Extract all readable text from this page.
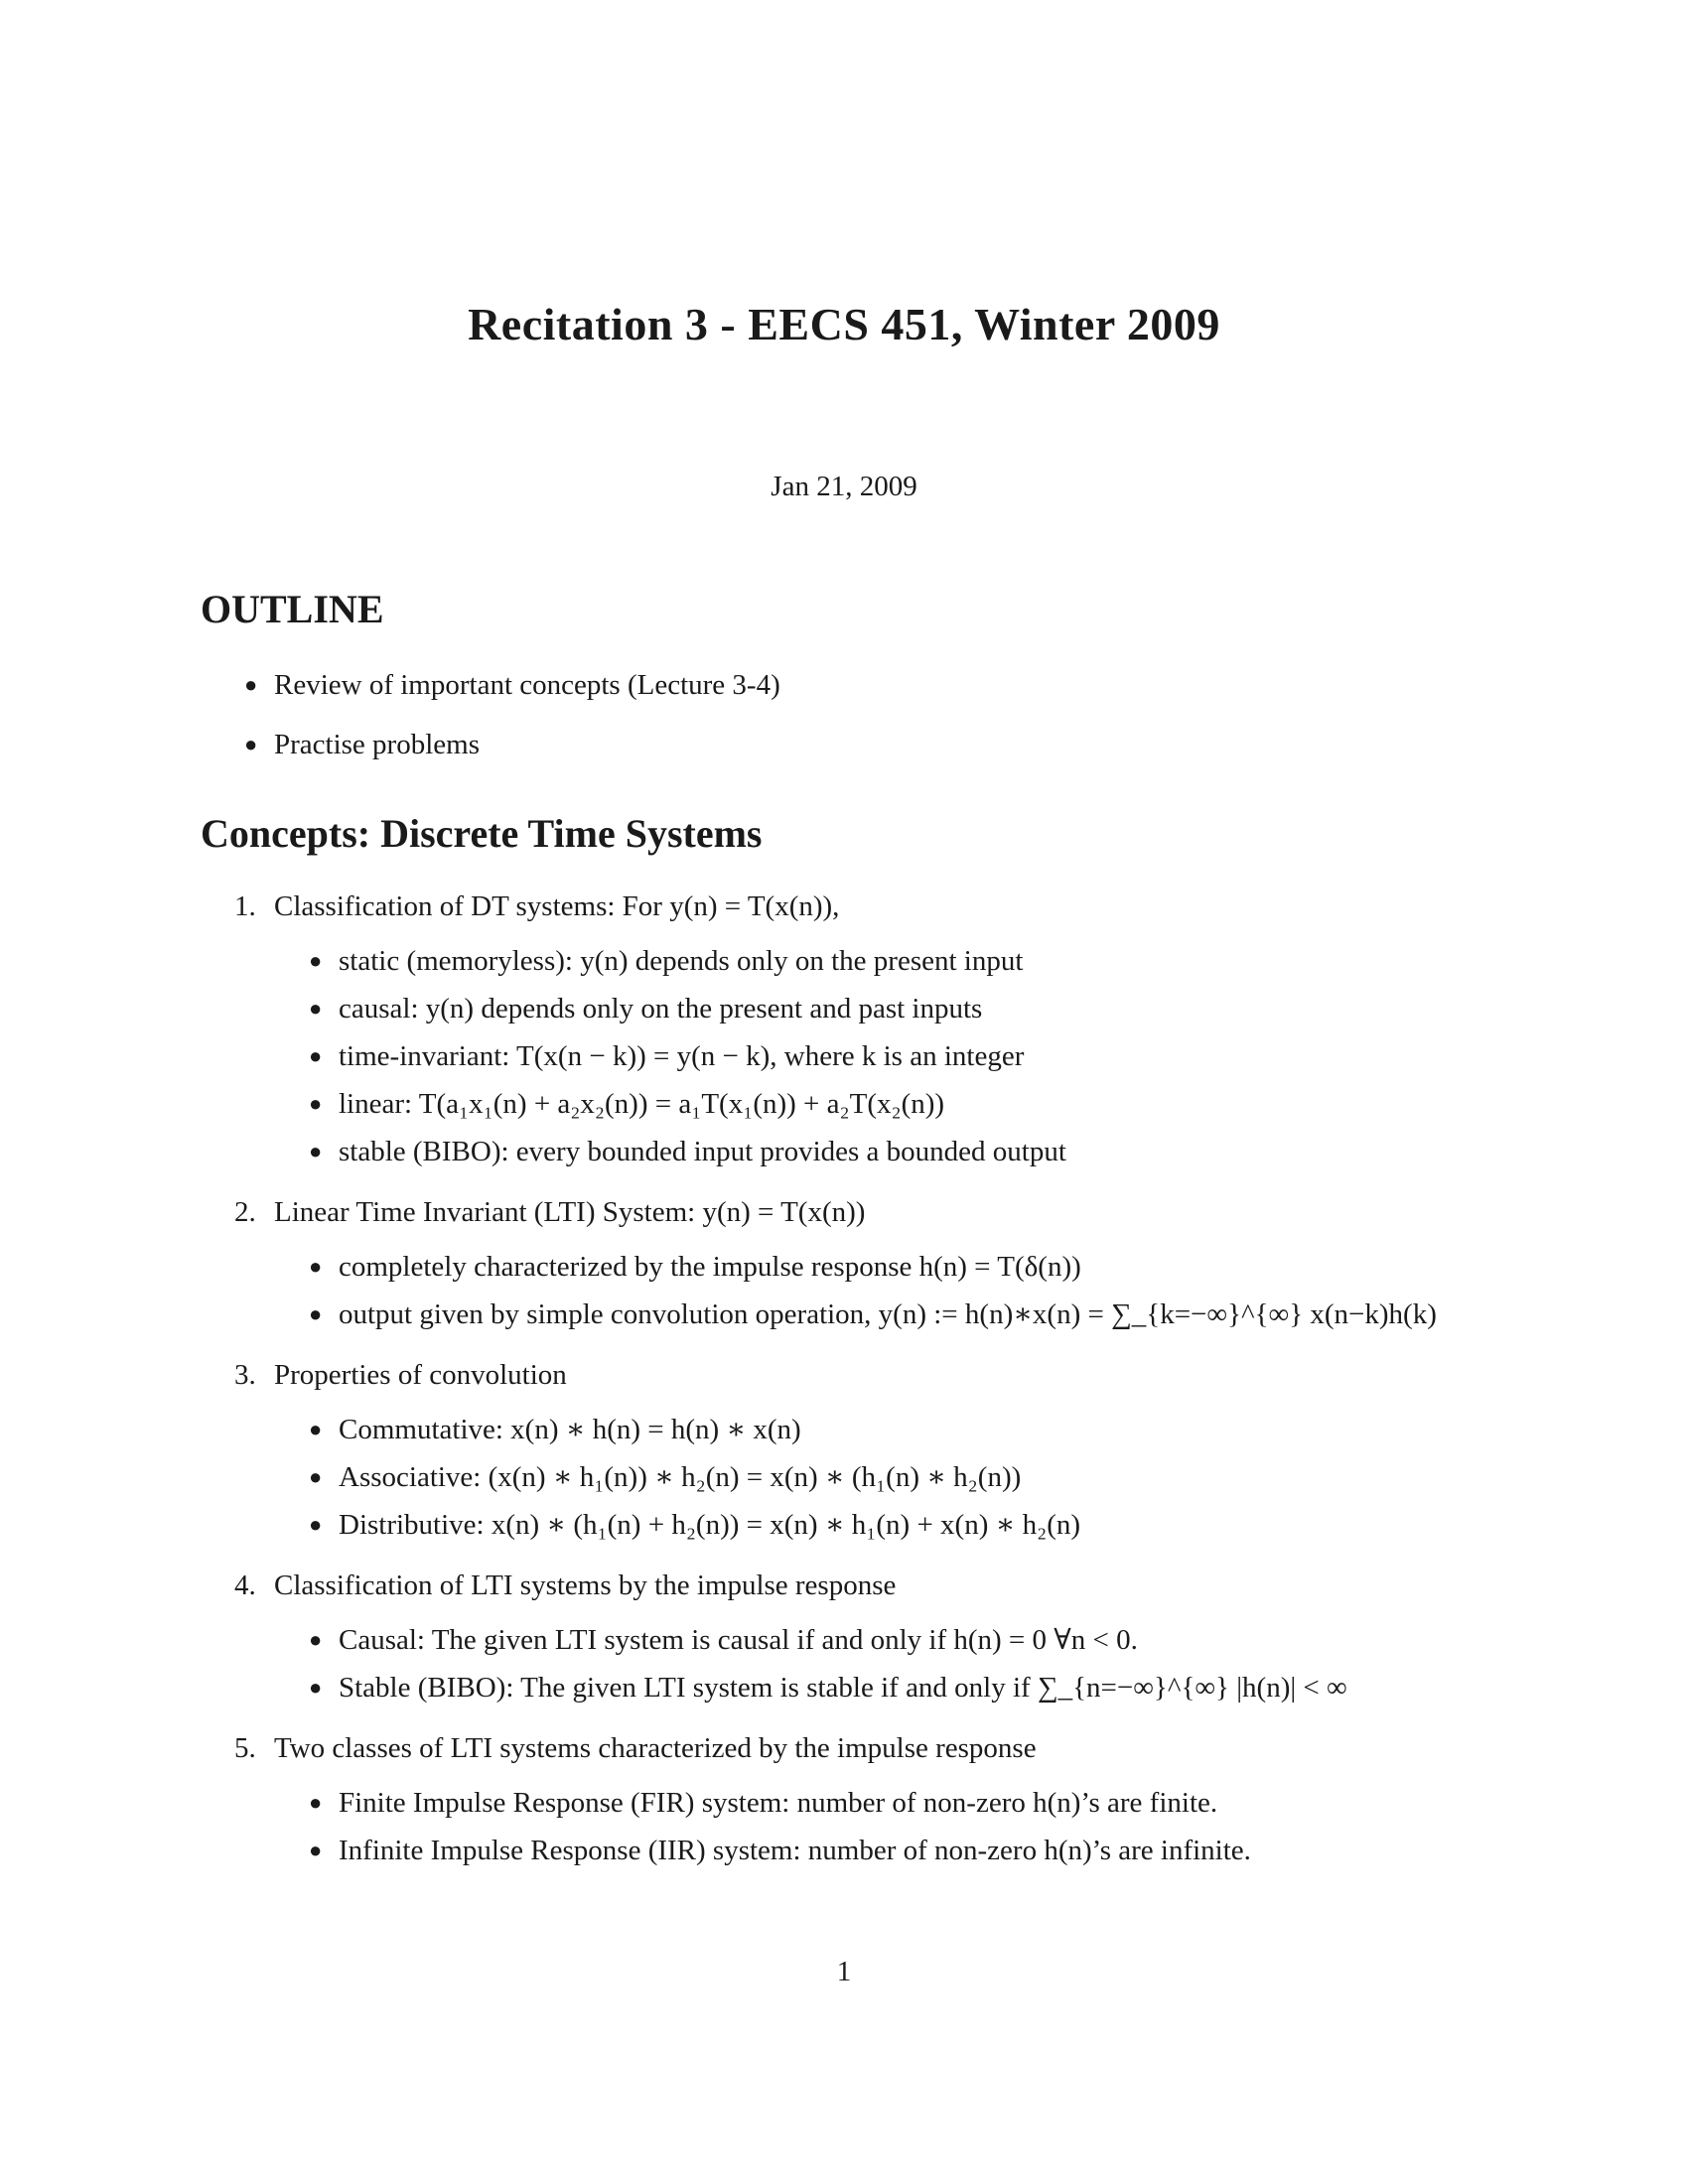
Recitation 3 - EECS 451, Winter 2009
Jan 21, 2009
OUTLINE
● Review of important concepts (Lecture 3-4)
● Practise problems
Concepts: Discrete Time Systems
1. Classification of DT systems: For y(n) = T(x(n)),
● static (memoryless): y(n) depends only on the present input
● causal: y(n) depends only on the present and past inputs
● time-invariant: T(x(n − k)) = y(n − k), where k is an integer
● linear: T(a₁x₁(n) + a₂x₂(n)) = a₁T(x₁(n)) + a₂T(x₂(n))
● stable (BIBO): every bounded input provides a bounded output
2. Linear Time Invariant (LTI) System: y(n) = T(x(n))
● completely characterized by the impulse response h(n) = T(δ(n))
● output given by simple convolution operation, y(n) := h(n)∗x(n) = ∑_{k=−∞}^{∞} x(n−k)h(k)
3. Properties of convolution
● Commutative: x(n) ∗ h(n) = h(n) ∗ x(n)
● Associative: (x(n) ∗ h₁(n)) ∗ h₂(n) = x(n) ∗ (h₁(n) ∗ h₂(n))
● Distributive: x(n) ∗ (h₁(n) + h₂(n)) = x(n) ∗ h₁(n) + x(n) ∗ h₂(n)
4. Classification of LTI systems by the impulse response
● Causal: The given LTI system is causal if and only if h(n) = 0 ∀n < 0.
● Stable (BIBO): The given LTI system is stable if and only if ∑_{n=−∞}^{∞} |h(n)| < ∞
5. Two classes of LTI systems characterized by the impulse response
● Finite Impulse Response (FIR) system: number of non-zero h(n)’s are finite.
● Infinite Impulse Response (IIR) system: number of non-zero h(n)’s are infinite.
1
